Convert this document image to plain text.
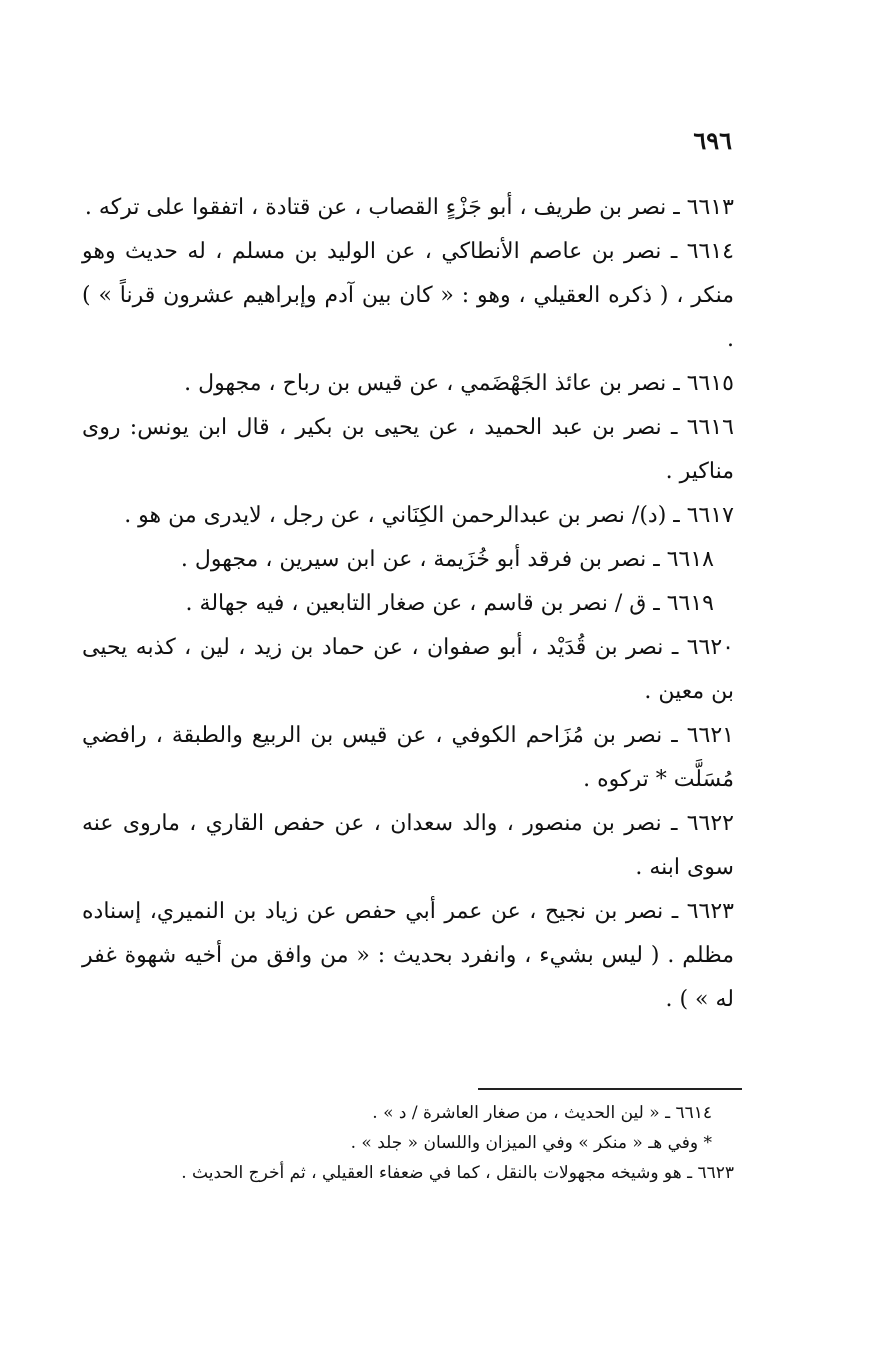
٦٩٦

٦٦١٣ ـ نصر بن طريف ، أبو جَزْءٍ القصاب ، عن قتادة ، اتفقوا على تركه .

٦٦١٤ ـ نصر بن عاصم الأنطاكي ، عن الوليد بن مسلم ، له حديث وهو منكر ، ( ذكره العقيلي ، وهو : « كان بين آدم وإبراهيم عشرون قرناً » ) .

٦٦١٥ ـ نصر بن عائذ الجَهْضَمي ، عن قيس بن رباح ، مجهول .

٦٦١٦ ـ نصر بن عبد الحميد ، عن يحيى بن بكير ، قال ابن يونس: روى مناكير .

٦٦١٧ ـ (د)/ نصر بن عبدالرحمن الكِنَاني ، عن رجل ، لايدرى من هو .

٦٦١٨ ـ نصر بن فرقد أبو خُزَيمة ، عن ابن سيرين ، مجهول .

٦٦١٩ ـ ق / نصر بن قاسم ، عن صغار التابعين ، فيه جهالة .

٦٦٢٠ ـ نصر بن قُدَيْد ، أبو صفوان ، عن حماد بن زيد ، لين ، كذبه يحيى بن معين .

٦٦٢١ ـ نصر بن مُزَاحم الكوفي ، عن قيس بن الربيع والطبقة ، رافضي مُسَلَّت * تركوه .

٦٦٢٢ ـ نصر بن منصور ، والد سعدان ، عن حفص القاري ، ماروى عنه سوى ابنه .

٦٦٢٣ ـ نصر بن نجيح ، عن عمر أبي حفص عن زياد بن النميري، إسناده مظلم . ( ليس بشيء ، وانفرد بحديث : « من وافق من أخيه شهوة غفر له » ) .

٦٦١٤ ـ « لين الحديث ، من صغار العاشرة / د » .

* وفي هـ « منكر » وفي الميزان واللسان « جلد » .

٦٦٢٣ ـ هو وشيخه مجهولات بالنقل ، كما في ضعفاء العقيلي ، ثم أخرج الحديث .
